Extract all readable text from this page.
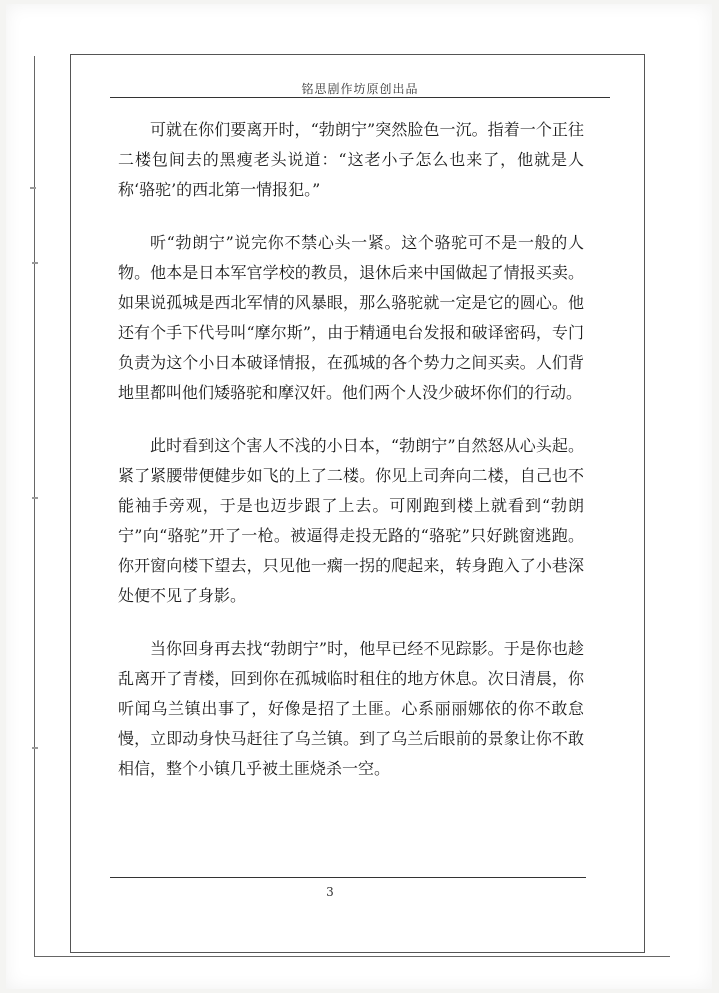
铭思剧作坊原创出品

可就在你们要离开时，“勃朗宁”突然脸色一沉。指着一个正往二楼包间去的黑瘦老头说道：“这老小子怎么也来了，他就是人称‘骆驼’的西北第一情报犯。”

听“勃朗宁”说完你不禁心头一紧。这个骆驼可不是一般的人物。他本是日本军官学校的教员，退休后来中国做起了情报买卖。如果说孤城是西北军情的风暴眼，那么骆驼就一定是它的圆心。他还有个手下代号叫“摩尔斯”，由于精通电台发报和破译密码，专门负责为这个小日本破译情报，在孤城的各个势力之间买卖。人们背地里都叫他们矮骆驼和摩汉奸。他们两个人没少破坏你们的行动。

此时看到这个害人不浅的小日本，“勃朗宁”自然怒从心头起。紧了紧腰带便健步如飞的上了二楼。你见上司奔向二楼，自己也不能袖手旁观，于是也迈步跟了上去。可刚跑到楼上就看到“勃朗宁”向“骆驼”开了一枪。被逼得走投无路的“骆驼”只好跳窗逃跑。你开窗向楼下望去，只见他一瘸一拐的爬起来，转身跑入了小巷深处便不见了身影。

当你回身再去找“勃朗宁”时，他早已经不见踪影。于是你也趁乱离开了青楼，回到你在孤城临时租住的地方休息。次日清晨，你听闻乌兰镇出事了，好像是招了土匪。心系丽丽娜依的你不敢怠慢，立即动身快马赶往了乌兰镇。到了乌兰后眼前的景象让你不敢相信，整个小镇几乎被土匪烧杀一空。

3
